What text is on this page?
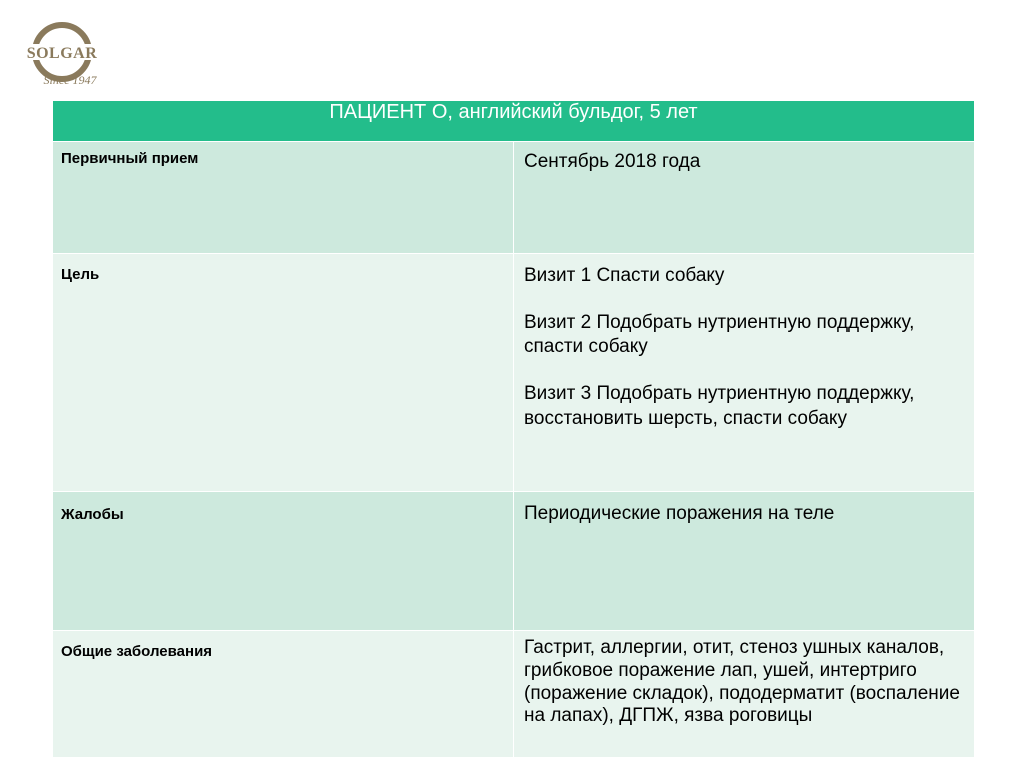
SOLGAR
Since 1947
ПАЦИЕНТ О, английский бульдог, 5 лет	
Первичный прием	Сентябрь 2018 года

Цель	Визит 1 Спасти собаку

Визит 2 Подобрать нутриентную поддержку, спасти собаку

Визит 3 Подобрать нутриентную поддержку, восстановить шерсть, спасти собаку

Жалобы	Периодические поражения на теле

Общие заболевания	Гастрит, аллергии, отит, стеноз ушных каналов, грибковое поражение лап, ушей, интертриго (поражение складок), пододерматит (воспаление на лапах), ДГПЖ, язва роговицы
